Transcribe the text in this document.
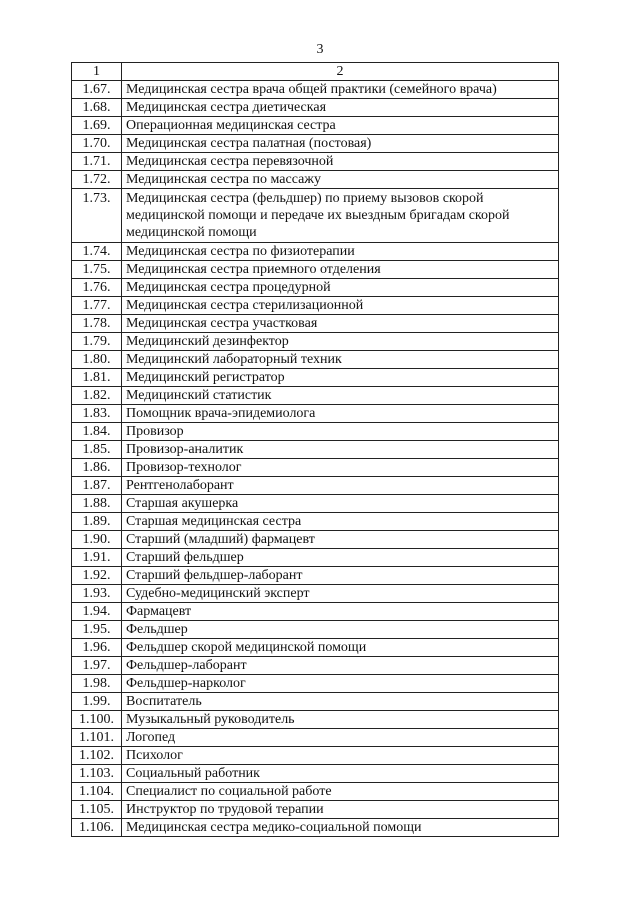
3
1	2
1.67.	Медицинская сестра врача общей практики (семейного врача)
1.68.	Медицинская сестра диетическая
1.69.	Операционная медицинская сестра
1.70.	Медицинская сестра палатная (постовая)
1.71.	Медицинская сестра перевязочной
1.72.	Медицинская сестра по массажу
1.73.	Медицинская сестра (фельдшер) по приему вызовов скорой медицинской помощи и передаче их выездным бригадам скорой медицинской помощи
1.74.	Медицинская сестра по физиотерапии
1.75.	Медицинская сестра приемного отделения
1.76.	Медицинская сестра процедурной
1.77.	Медицинская сестра стерилизационной
1.78.	Медицинская сестра участковая
1.79.	Медицинский дезинфектор
1.80.	Медицинский лабораторный техник
1.81.	Медицинский регистратор
1.82.	Медицинский статистик
1.83.	Помощник врача-эпидемиолога
1.84.	Провизор
1.85.	Провизор-аналитик
1.86.	Провизор-технолог
1.87.	Рентгенолаборант
1.88.	Старшая акушерка
1.89.	Старшая медицинская сестра
1.90.	Старший (младший) фармацевт
1.91.	Старший фельдшер
1.92.	Старший фельдшер-лаборант
1.93.	Судебно-медицинский эксперт
1.94.	Фармацевт
1.95.	Фельдшер
1.96.	Фельдшер скорой медицинской помощи
1.97.	Фельдшер-лаборант
1.98.	Фельдшер-нарколог
1.99.	Воспитатель
1.100.	Музыкальный руководитель
1.101.	Логопед
1.102.	Психолог
1.103.	Социальный работник
1.104.	Специалист по социальной работе
1.105.	Инструктор по трудовой терапии
1.106.	Медицинская сестра медико-социальной помощи
